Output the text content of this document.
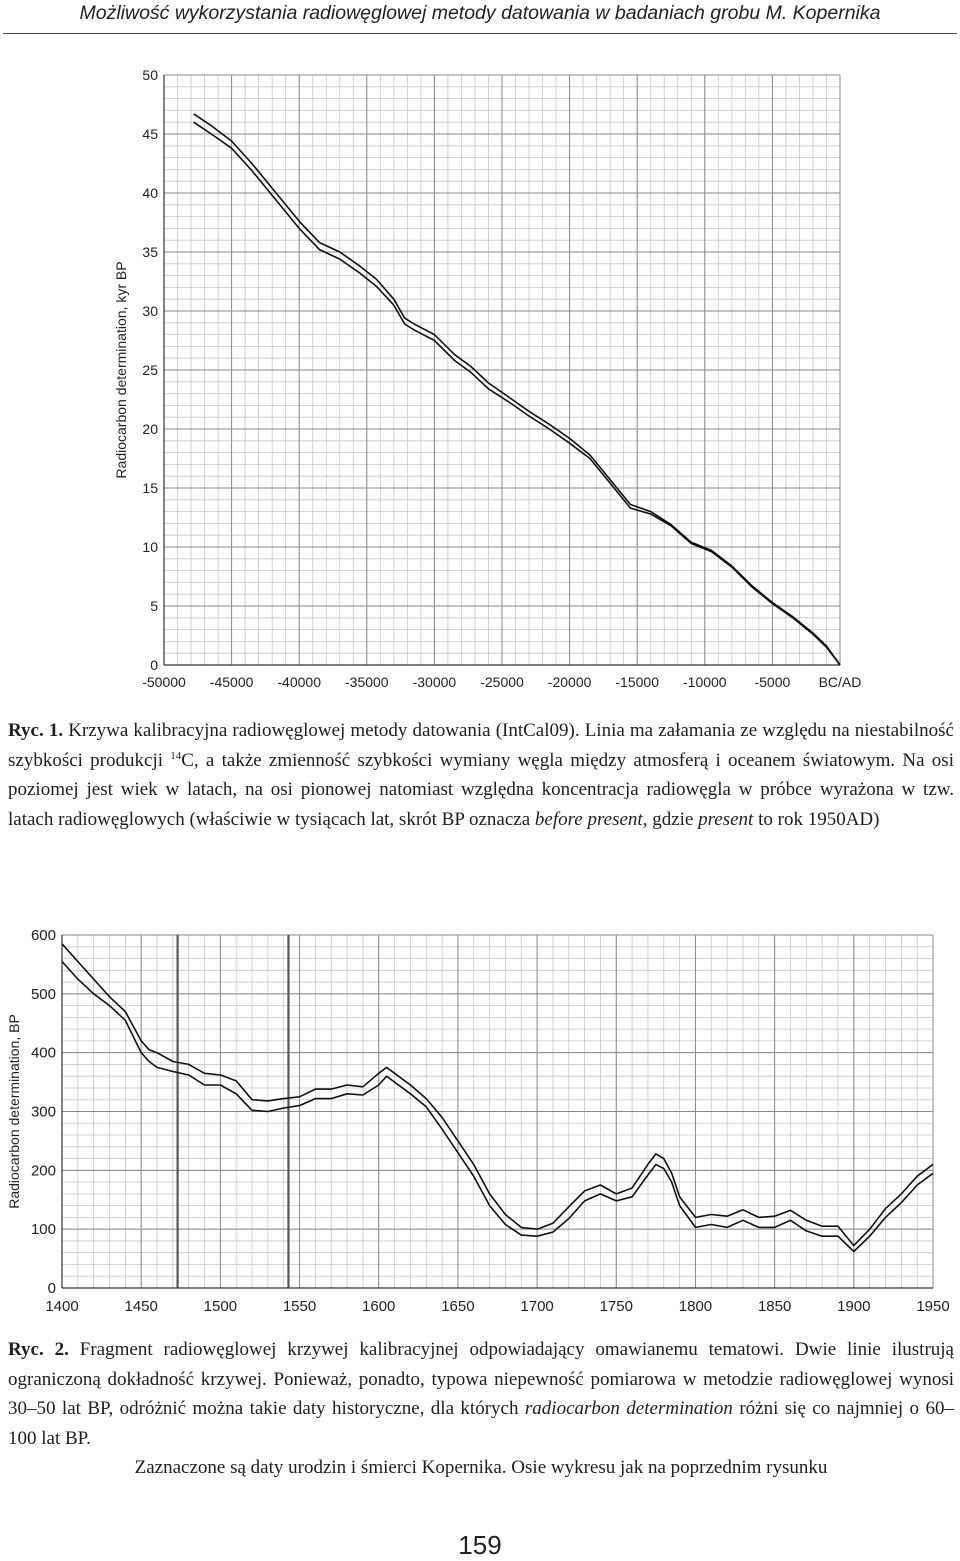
Możliwość wykorzystania radiowęglowej metody datowania w badaniach grobu M. Kopernika
0
5
10
15
20
25
30
35
40
45
50
-50000 -45000 -40000 -35000 -30000 -25000 -20000 -15000 -10000 -5000 BC/AD
Radiocarbon determination, kyr BP
Ryc. 1. Krzywa kalibracyjna radiowęglowej metody datowania (IntCal09). Linia ma załamania ze względu na niestabilność szybkości produkcji $^{14}$C, a także zmienność szybkości wymiany węgla między atmosferą i oceanem światowym. Na osi poziomej jest wiek w latach, na osi pionowej natomiast względna koncentracja radiowęgla w próbce wyrażona w tzw. latach radiowęglowych (właściwie w tysiącach lat, skrót BP oznacza before present, gdzie present to rok 1950AD)
0
100
200
300
400
500
600
1400	1450	1500	1550	1600	1650	1700	1750	1800	1850	1900	1950
Radiocarbon determination, BP
Ryc. 2. Fragment radiowęglowej krzywej kalibracyjnej odpowiadający omawianemu tematowi. Dwie linie ilustrują ograniczoną dokładność krzywej. Ponieważ, ponadto, typowa niepewność pomiarowa w metodzie radiowęglowej wynosi 30–50 lat BP, odróżnić można takie daty historyczne, dla których radiocarbon determination różni się co najmniej o 60–100 lat BP.
Zaznaczone są daty urodzin i śmierci Kopernika. Osie wykresu jak na poprzednim rysunku
159
